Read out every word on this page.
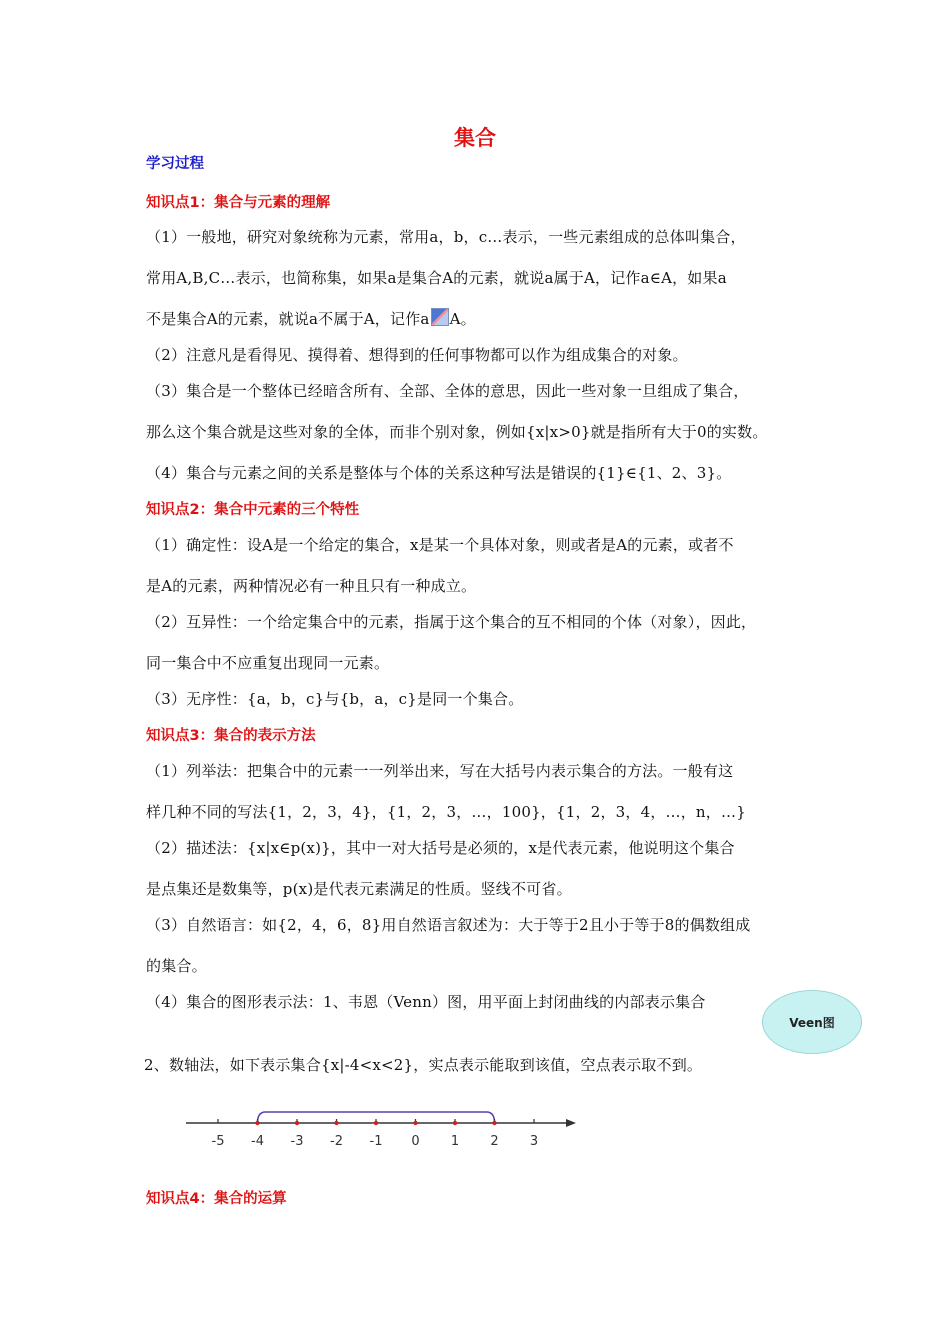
集合
学习过程
知识点1：集合与元素的理解
（1）一般地，研究对象统称为元素，常用a，b，c…表示，一些元素组成的总体叫集合，
常用A,B,C…表示，也简称集，如果a是集合A的元素，就说a属于A，记作a∈A，如果a
不是集合A的元素，就说a不属于A，记作a A。
（2）注意凡是看得见、摸得着、想得到的任何事物都可以作为组成集合的对象。
（3）集合是一个整体已经暗含所有、全部、全体的意思，因此一些对象一旦组成了集合，
那么这个集合就是这些对象的全体，而非个别对象，例如{x|x>0}就是指所有大于0的实数。
（4）集合与元素之间的关系是整体与个体的关系这种写法是错误的{1}∈{1、2、3}。
知识点2：集合中元素的三个特性
（1）确定性：设A是一个给定的集合，x是某一个具体对象，则或者是A的元素，或者不
是A的元素，两种情况必有一种且只有一种成立。
（2）互异性：一个给定集合中的元素，指属于这个集合的互不相同的个体（对象），因此，
同一集合中不应重复出现同一元素。
（3）无序性：{a，b，c}与{b，a，c}是同一个集合。
知识点3：集合的表示方法
（1）列举法：把集合中的元素一一列举出来，写在大括号内表示集合的方法。一般有这
样几种不同的写法{1，2，3，4}，{1，2，3，…，100}，{1，2，3，4，…，n，…}
（2）描述法：{x|x∈p(x)}，其中一对大括号是必须的，x是代表元素，他说明这个集合
是点集还是数集等，p(x)是代表元素满足的性质。竖线不可省。
（3）自然语言：如{2，4，6，8}用自然语言叙述为：大于等于2且小于等于8的偶数组成
的集合。
（4）集合的图形表示法：1、韦恩（Venn）图，用平面上封闭曲线的内部表示集合
Veen图
2、数轴法，如下表示集合{x|-4<x<2}，实点表示能取到该值，空点表示取不到。
-5 -4 -3 -2 -1 0 1 2 3
知识点4：集合的运算
